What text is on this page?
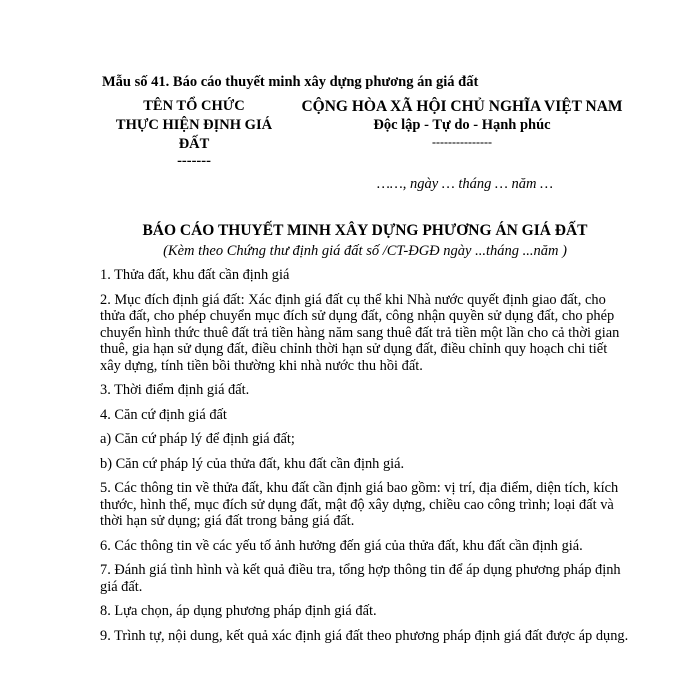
Mẫu số 41. Báo cáo thuyết minh xây dựng phương án giá đất
TÊN TỔ CHỨC
THỰC HIỆN ĐỊNH GIÁ
ĐẤT
-------
CỘNG HÒA XÃ HỘI CHỦ NGHĨA VIỆT NAM
Độc lập - Tự do - Hạnh phúc
---------------
……, ngày … tháng … năm …
BÁO CÁO THUYẾT MINH XÂY DỰNG PHƯƠNG ÁN GIÁ ĐẤT
(Kèm theo Chứng thư định giá đất số /CT-ĐGĐ ngày ...tháng ...năm )

1. Thửa đất, khu đất cần định giá

2. Mục đích định giá đất: Xác định giá đất cụ thể khi Nhà nước quyết định giao đất, cho thửa đất, cho phép chuyển mục đích sử dụng đất, công nhận quyền sử dụng đất, cho phép chuyển hình thức thuê đất trả tiền hàng năm sang thuê đất trả tiền một lần cho cả thời gian thuê, gia hạn sử dụng đất, điều chỉnh thời hạn sử dụng đất, điều chỉnh quy hoạch chi tiết xây dựng, tính tiền bồi thường khi nhà nước thu hồi đất.

3. Thời điểm định giá đất.

4. Căn cứ định giá đất

a) Căn cứ pháp lý để định giá đất;

b) Căn cứ pháp lý của thửa đất, khu đất cần định giá.

5. Các thông tin về thửa đất, khu đất cần định giá bao gồm: vị trí, địa điểm, diện tích, kích thước, hình thể, mục đích sử dụng đất, mật độ xây dựng, chiều cao công trình; loại đất và thời hạn sử dụng; giá đất trong bảng giá đất.

6. Các thông tin về các yếu tố ảnh hưởng đến giá của thửa đất, khu đất cần định giá.

7. Đánh giá tình hình và kết quả điều tra, tổng hợp thông tin để áp dụng phương pháp định giá đất.

8. Lựa chọn, áp dụng phương pháp định giá đất.

9. Trình tự, nội dung, kết quả xác định giá đất theo phương pháp định giá đất được áp dụng.
